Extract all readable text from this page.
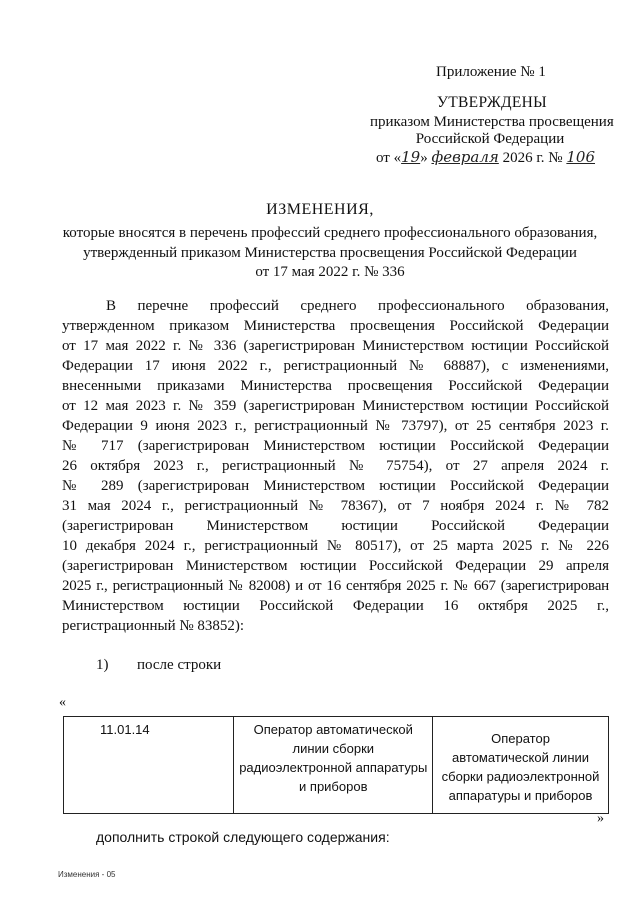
Приложение № 1
УТВЕРЖДЕНЫ
приказом Министерства просвещения
Российской Федерации
от «19» февраля 2026 г. № 106
ИЗМЕНЕНИЯ,
которые вносятся в перечень профессий среднего профессионального образования,
утвержденный приказом Министерства просвещения Российской Федерации
от 17 мая 2022 г. № 336
В перечне профессий среднего профессионального образования,
утвержденном приказом Министерства просвещения Российской Федерации
от 17 мая 2022 г. № 336 (зарегистрирован Министерством юстиции Российской
Федерации 17 июня 2022 г., регистрационный № 68887), с изменениями,
внесенными приказами Министерства просвещения Российской Федерации
от 12 мая 2023 г. № 359 (зарегистрирован Министерством юстиции Российской
Федерации 9 июня 2023 г., регистрационный № 73797), от 25 сентября 2023 г.
№ 717 (зарегистрирован Министерством юстиции Российской Федерации
26 октября 2023 г., регистрационный № 75754), от 27 апреля 2024 г.
№ 289 (зарегистрирован Министерством юстиции Российской Федерации
31 мая 2024 г., регистрационный № 78367), от 7 ноября 2024 г. № 782
(зарегистрирован Министерством юстиции Российской Федерации
10 декабря 2024 г., регистрационный № 80517), от 25 марта 2025 г. № 226
(зарегистрирован Министерством юстиции Российской Федерации 29 апреля
2025 г., регистрационный № 82008) и от 16 сентября 2025 г. № 667 (зарегистрирован
Министерством юстиции Российской Федерации 16 октября 2025 г.,
регистрационный № 83852):
1) после строки
«
11.01.14	Оператор автоматической
линии сборки
радиоэлектронной аппаратуры
и приборов

Оператор
автоматической линии
сборки радиоэлектронной
аппаратуры и приборов
»
дополнить строкой следующего содержания:
Изменения - 05
